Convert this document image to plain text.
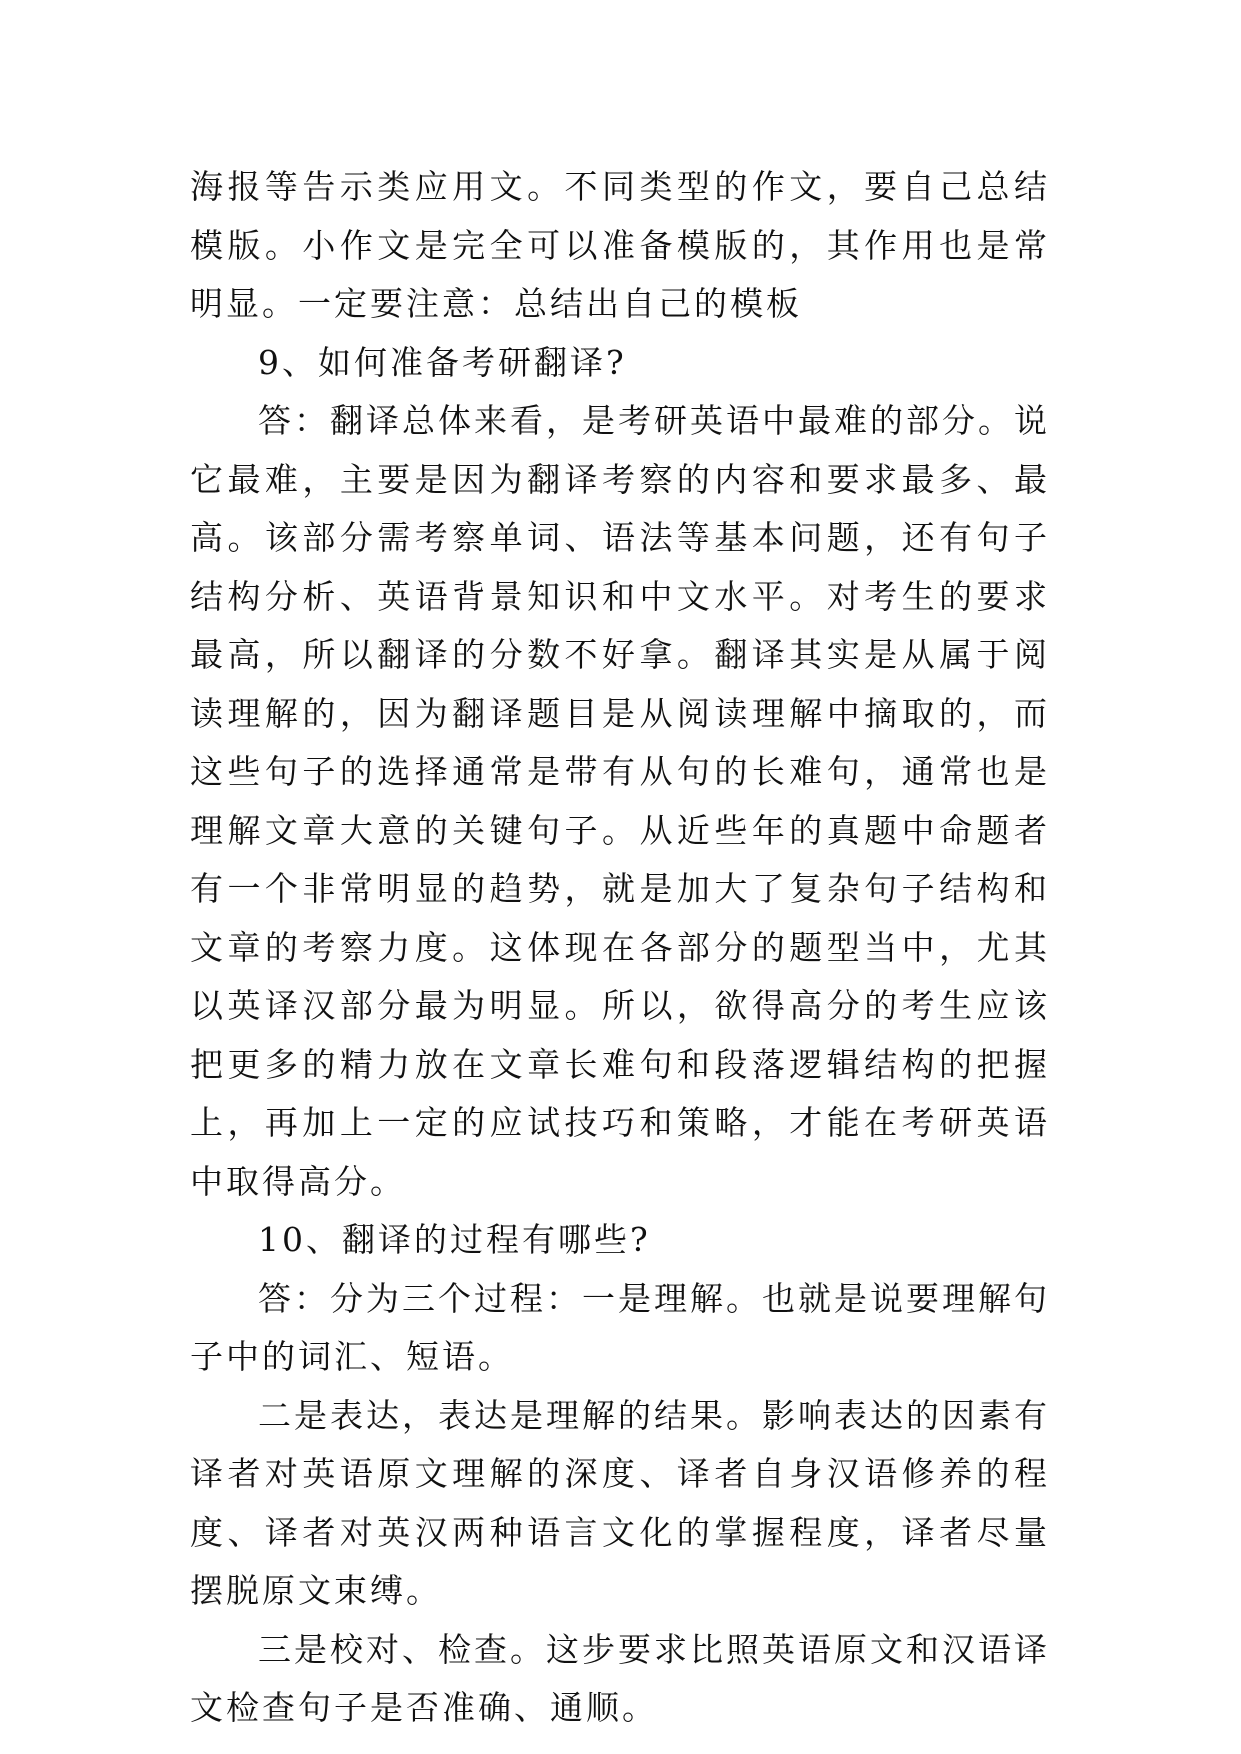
海报等告示类应用文。不同类型的作文，要自己总结模版。小作文是完全可以准备模版的，其作用也是常明显。一定要注意：总结出自己的模板

9、如何准备考研翻译?

答：翻译总体来看，是考研英语中最难的部分。说它最难，主要是因为翻译考察的内容和要求最多、最高。该部分需考察单词、语法等基本问题，还有句子结构分析、英语背景知识和中文水平。对考生的要求最高，所以翻译的分数不好拿。翻译其实是从属于阅读理解的，因为翻译题目是从阅读理解中摘取的，而这些句子的选择通常是带有从句的长难句，通常也是理解文章大意的关键句子。从近些年的真题中命题者有一个非常明显的趋势，就是加大了复杂句子结构和文章的考察力度。这体现在各部分的题型当中，尤其以英译汉部分最为明显。所以，欲得高分的考生应该把更多的精力放在文章长难句和段落逻辑结构的把握上，再加上一定的应试技巧和策略，才能在考研英语中取得高分。

10、翻译的过程有哪些?

答：分为三个过程：一是理解。也就是说要理解句子中的词汇、短语。

二是表达，表达是理解的结果。影响表达的因素有译者对英语原文理解的深度、译者自身汉语修养的程度、译者对英汉两种语言文化的掌握程度，译者尽量摆脱原文束缚。

三是校对、检查。这步要求比照英语原文和汉语译文检查句子是否准确、通顺。
